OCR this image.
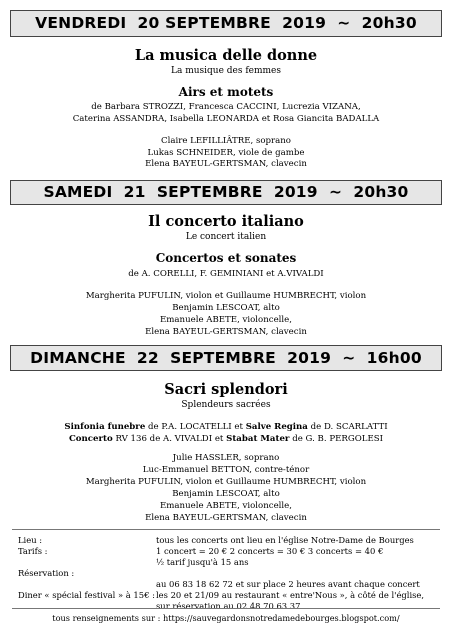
VENDREDI  20 SEPTEMBRE  2019  ~  20h30
La musica delle donne
La musique des femmes
Airs et motets
de Barbara STROZZI, Francesca CACCINI, Lucrezia VIZANA,
Caterina ASSANDRA, Isabella LEONARDA et Rosa Giancita BADALLA
Claire LEFILLIÂTRE, soprano
Lukas SCHNEIDER, viole de gambe
Elena BAYEUL-GERTSMAN, clavecin
SAMEDI  21  SEPTEMBRE  2019  ~  20h30
Il concerto italiano
Le concert italien
Concertos et sonates
de A. CORELLI, F. GEMINIANI et A.VIVALDI
Margherita PUFULIN, violon et Guillaume HUMBRECHT, violon
Benjamin LESCOAT, alto
Emanuele ABETE, violoncelle,
Elena BAYEUL-GERTSMAN, clavecin
DIMANCHE  22  SEPTEMBRE  2019  ~  16h00
Sacri splendori
Splendeurs sacrées
Sinfonia funebre de P.A. LOCATELLI et Salve Regina de D. SCARLATTI
Concerto RV 136 de A. VIVALDI et Stabat Mater de G. B. PERGOLESI
Julie HASSLER, soprano
Luc-Emmanuel BETTON, contre-ténor
Margherita PUFULIN, violon et Guillaume HUMBRECHT, violon
Benjamin LESCOAT, alto
Emanuele ABETE, violoncelle,
Elena BAYEUL-GERTSMAN, clavecin
Lieu :	tous les concerts ont lieu en l'église Notre-Dame de Bourges
Tarifs :	1 concert = 20 € 2 concerts = 30 € 3 concerts = 40 €
½ tarif jusqu'à 15 ans
Réservation :
au 06 83 18 62 72 et sur place 2 heures avant chaque concert
Diner « spécial festival » à 15€ : les 20 et 21/09 au restaurant « entre'Nous », à côté de l'église,
sur réservation au 02 48 70 63 37
tous renseignements sur : https://sauvegardonsnotredamedebourges.blogspot.com/
